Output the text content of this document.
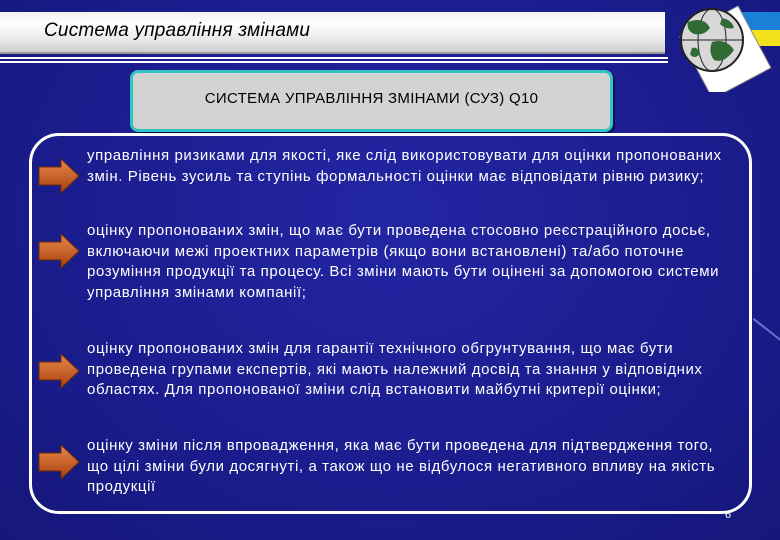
Система управління змінами
СИСТЕМА УПРАВЛІННЯ ЗМІНАМИ (СУЗ) Q10
управління ризиками для якості, яке слід використовувати для оцінки пропонованих змін. Рівень зусиль та ступінь формальності оцінки має відповідати рівню ризику;
оцінку пропонованих змін, що має бути проведена стосовно реєстраційного досьє, включаючи межі проектних параметрів (якщо вони встановлені) та/або поточне розуміння продукції та процесу. Всі зміни мають бути оцінені за допомогою системи управління змінами компанії;
оцінку пропонованих змін для гарантії технічного обгрунтування, що має бути проведена групами експертів, які мають належний досвід та знання у відповідних областях. Для пропонованої зміни слід встановити майбутні критерії оцінки;
оцінку зміни після впровадження, яка має бути проведена для підтвердження того, що цілі зміни були досягнуті, а також що не відбулося негативного впливу на якість продукції
6
